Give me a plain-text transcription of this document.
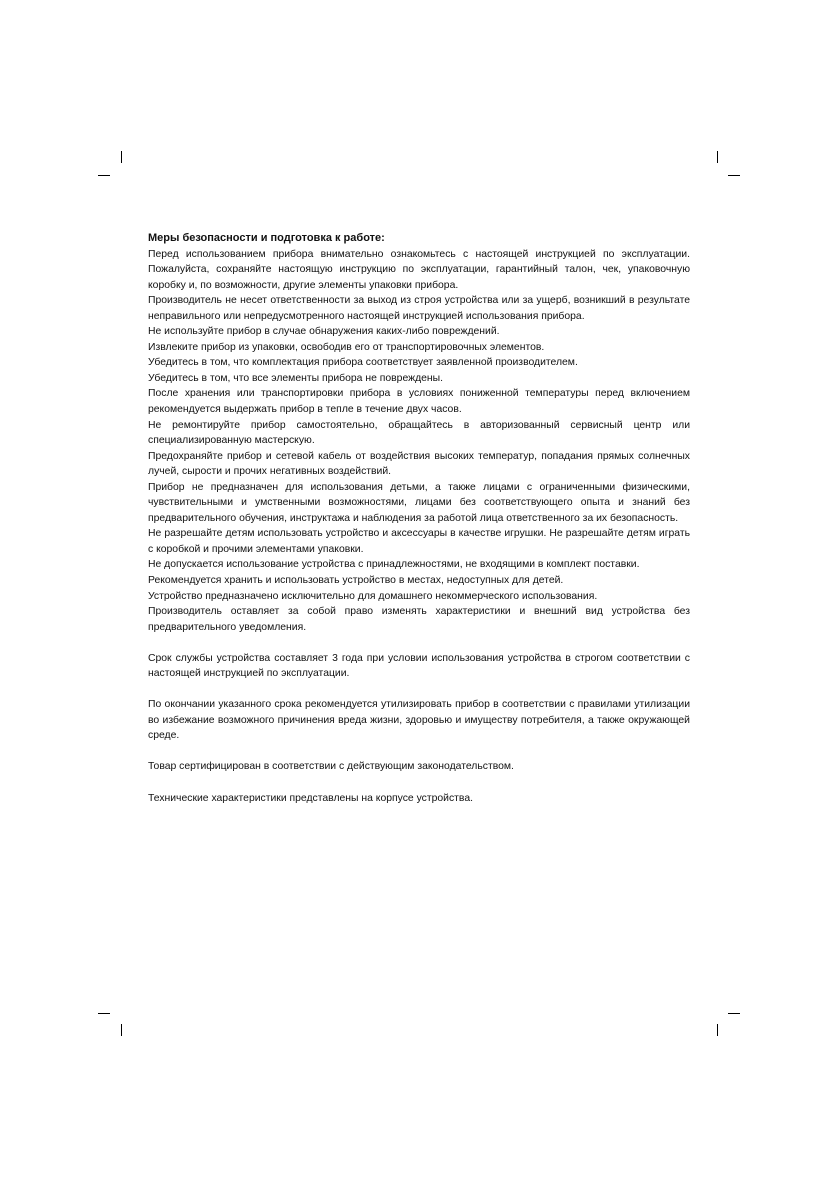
Меры безопасности и подготовка к работе:

Перед использованием прибора внимательно ознакомьтесь с настоящей инструкцией по эксплуатации. Пожалуйста, сохраняйте настоящую инструкцию по эксплуатации, гарантийный талон, чек, упаковочную коробку и, по возможности, другие элементы упаковки прибора.

Производитель не несет ответственности за выход из строя устройства или за ущерб, возникший в результате неправильного или непредусмотренного настоящей инструкцией использования прибора.

Не используйте прибор в случае обнаружения каких-либо повреждений.

Извлеките прибор из упаковки, освободив его от транспортировочных элементов.

Убедитесь в том, что комплектация прибора соответствует заявленной производителем.

Убедитесь в том, что все элементы прибора не повреждены.

После хранения или транспортировки прибора в условиях пониженной температуры перед включением рекомендуется выдержать прибор в тепле в течение двух часов.

Не ремонтируйте прибор самостоятельно, обращайтесь в авторизованный сервисный центр или специализированную мастерскую.

Предохраняйте прибор и сетевой кабель от воздействия высоких температур, попадания прямых солнечных лучей, сырости и прочих негативных воздействий.

Прибор не предназначен для использования детьми, а также лицами с ограниченными физическими, чувствительными и умственными возможностями, лицами без соответствующего опыта и знаний без предварительного обучения, инструктажа и наблюдения за работой лица ответственного за их безопасность.

Не разрешайте детям использовать устройство и аксессуары в качестве игрушки. Не разрешайте детям играть с коробкой и прочими элементами упаковки.

Не допускается использование устройства с принадлежностями, не входящими в комплект поставки.

Рекомендуется хранить и использовать устройство в местах, недоступных для детей.

Устройство предназначено исключительно для домашнего некоммерческого использования.

Производитель оставляет за собой право изменять характеристики и внешний вид устройства без предварительного уведомления.

Срок службы устройства составляет 3 года при условии использования устройства в строгом соответствии с настоящей инструкцией по эксплуатации.

По окончании указанного срока рекомендуется утилизировать прибор в соответствии с правилами утилизации во избежание возможного причинения вреда жизни, здоровью и имуществу потребителя, а также окружающей среде.

Товар сертифицирован в соответствии с действующим законодательством.

Технические характеристики представлены на корпусе устройства.
